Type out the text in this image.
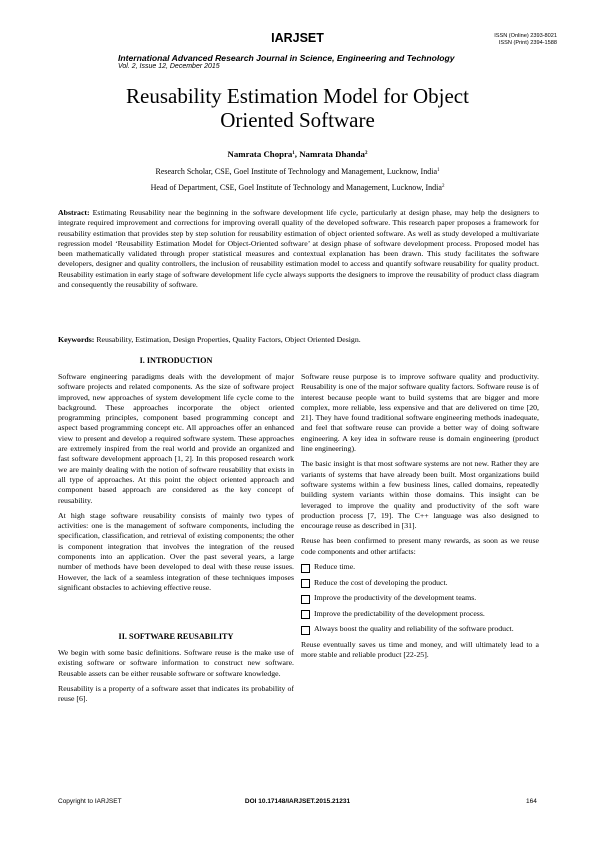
IARJSET	ISSN (Online) 2393-8021
ISSN (Print) 2394-1588
International Advanced Research Journal in Science, Engineering and Technology
Vol. 2, Issue 12, December 2015
Reusability Estimation Model for Object
Oriented Software
Namrata Chopra$^1$, Namrata Dhanda$^2$
Research Scholar, CSE, Goel Institute of Technology and Management, Lucknow, India$^1$
Head of Department, CSE, Goel Institute of Technology and Management, Lucknow, India$^2$
Abstract: Estimating Reusability near the beginning in the software development life cycle, particularly at design phase, may help the designers to integrate required improvement and corrections for improving overall quality of the developed software. This research paper proposes a framework for reusability estimation that provides step by step solution for reusability estimation of object oriented software. As well as study developed a multivariate regression model ‘Reusability Estimation Model for Object-Oriented software’ at design phase of software development process. Proposed model has been mathematically validated through proper statistical measures and contextual explanation has been drawn. This study facilitates the software developers, designer and quality controllers, the inclusion of reusability estimation model to access and quantify software reusability for quality product. Reusability estimation in early stage of software development life cycle always supports the designers to improve the reusability of product class diagram and consequently the reusability of software.
Keywords: Reusability, Estimation, Design Properties, Quality Factors, Object Oriented Design.
I. INTRODUCTION

Software engineering paradigms deals with the development of major software projects and related components. As the size of software project improved, new approaches of system development life cycle come to the background. These approaches incorporate the object oriented programming principles, component based programming concept and aspect based programming concept etc. All approaches offer an enhanced view to present and develop a required software system. These approaches are extremely inspired from the real world and provide an organized and fast software development approach [1, 2]. In this proposed research work we are mainly dealing with the notion of software reusability that exists in all type of approaches. At this point the object oriented approach and component based approach are considered as the key concept of reusability.

At high stage software reusability consists of mainly two types of activities: one is the management of software components, including the specification, classification, and retrieval of existing components; the other is component integration that involves the integration of the reused components into an application. Over the past several years, a large number of methods have been developed to deal with these reuse issues. However, the lack of a seamless integration of these techniques imposes significant obstacles to achieving effective reuse.

II. SOFTWARE REUSABILITY

We begin with some basic definitions. Software reuse is the make use of existing software or software information to construct new software. Reusable assets can be either reusable software or software knowledge.

Reusability is a property of a software asset that indicates its probability of reuse [6].

Software reuse purpose is to improve software quality and productivity. Reusability is one of the major software quality factors. Software reuse is of interest because people want to build systems that are bigger and more complex, more reliable, less expensive and that are delivered on time [20, 21]. They have found traditional software engineering methods inadequate, and feel that software reuse can provide a better way of doing software engineering. A key idea in software reuse is domain engineering (product line engineering).

The basic insight is that most software systems are not new. Rather they are variants of systems that have already been built. Most organizations build software systems within a few business lines, called domains, repeatedly building system variants within those domains. This insight can be leveraged to improve the quality and productivity of the soft ware production process [7, 19]. The C++ language was also designed to encourage reuse as described in [31].

Reuse has been confirmed to present many rewards, as soon as we reuse code components and other artifacts:

Reduce time.
Reduce the cost of developing the product.
Improve the productivity of the development teams.
Improve the predictability of the development process.
Always boost the quality and reliability of the software product.

Reuse eventually saves us time and money, and will ultimately lead to a more stable and reliable product [22-25].

Copyright to IARJSET	DOI 10.17148/IARJSET.2015.21231	164
